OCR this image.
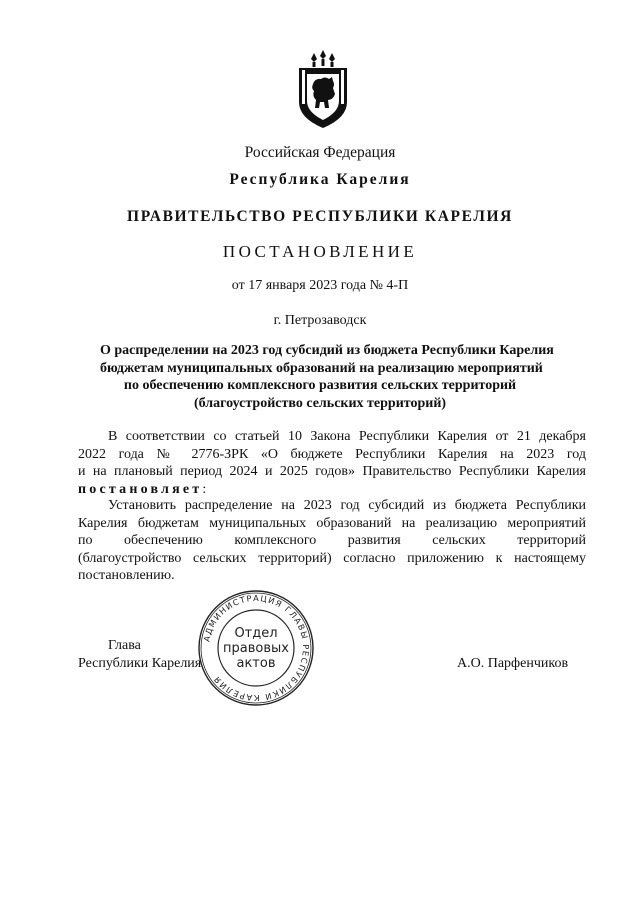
Российская Федерация
Республика Карелия
ПРАВИТЕЛЬСТВО РЕСПУБЛИКИ КАРЕЛИЯ
ПОСТАНОВЛЕНИЕ
от 17 января 2023 года № 4-П
г. Петрозаводск
О распределении на 2023 год субсидий из бюджета Республики Карелия
бюджетам муниципальных образований на реализацию мероприятий
по обеспечению комплексного развития сельских территорий
(благоустройство сельских территорий)
В соответствии со статьей 10 Закона Республики Карелия от 21 декабря
2022 года № 2776-ЗРК «О бюджете Республики Карелия на 2023 год
и на плановый период 2024 и 2025 годов» Правительство Республики Карелия
постановляет:
Установить распределение на 2023 год субсидий из бюджета Республики
Карелия бюджетам муниципальных образований на реализацию мероприятий
по обеспечению комплексного развития сельских территорий
(благоустройство сельских территорий) согласно приложению к настоящему
постановлению.
АДМИНИСТРАЦИЯ ГЛАВЫ РЕСПУБЛИКИ КАРЕЛИЯ
Отдел
правовых
актов
Глава
Республики Карелия	А.О. Парфенчиков
